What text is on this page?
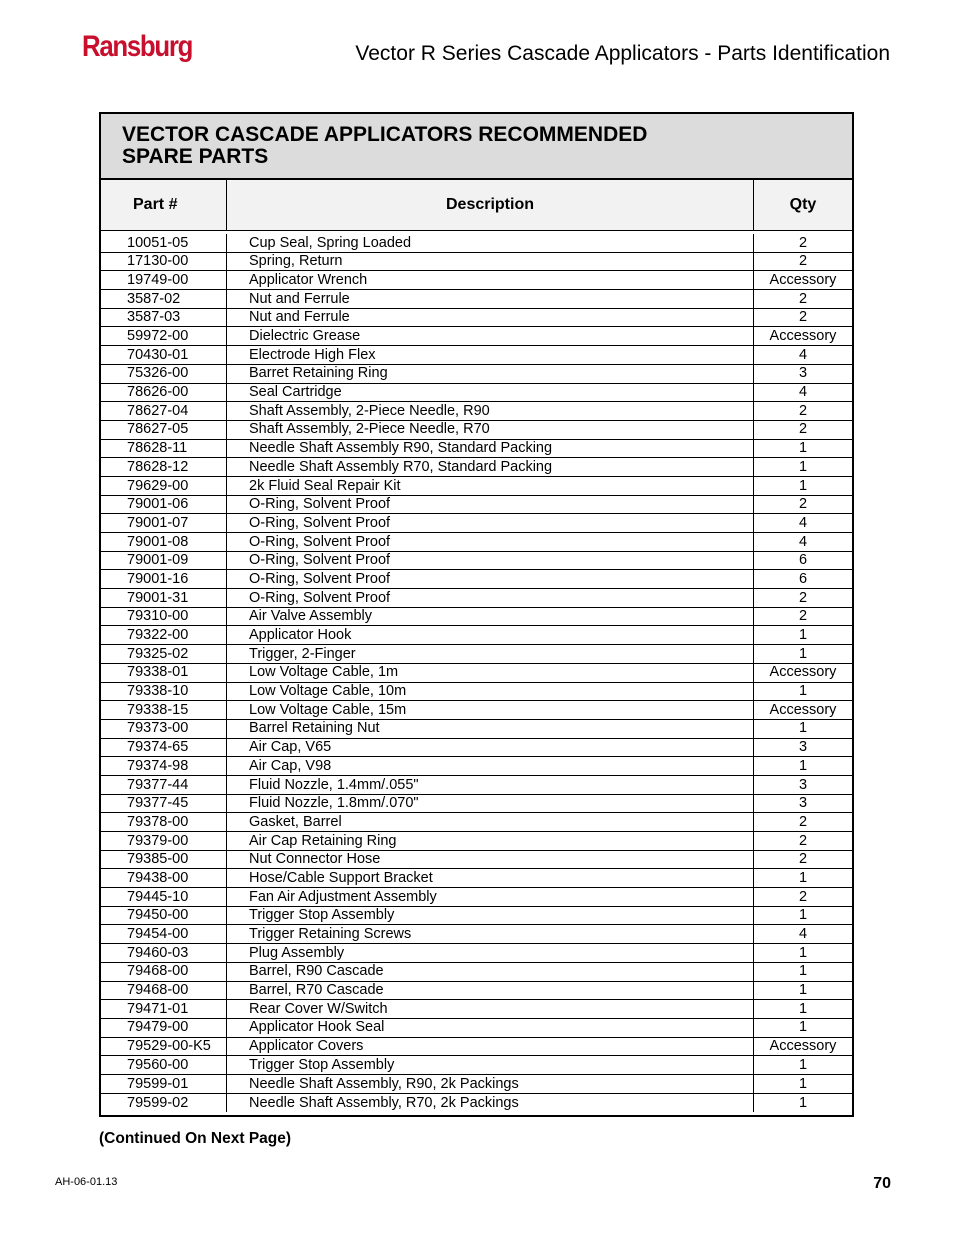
Ransburg	Vector R Series Cascade Applicators - Parts Identification
VECTOR CASCADE APPLICATORS RECOMMENDED
SPARE PARTS
Part #	Description	Qty
10051-05	Cup Seal, Spring Loaded	2
17130-00	Spring, Return	2
19749-00	Applicator Wrench	Accessory
3587-02	Nut and Ferrule	2
3587-03	Nut and Ferrule	2
59972-00	Dielectric Grease	Accessory
70430-01	Electrode High Flex	4
75326-00	Barret Retaining Ring	3
78626-00	Seal Cartridge	4
78627-04	Shaft Assembly, 2-Piece Needle, R90	2
78627-05	Shaft Assembly, 2-Piece Needle, R70	2
78628-11	Needle Shaft Assembly R90, Standard Packing	1
78628-12	Needle Shaft Assembly R70, Standard Packing	1
79629-00	2k Fluid Seal Repair Kit	1
79001-06	O-Ring, Solvent Proof	2
79001-07	O-Ring, Solvent Proof	4
79001-08	O-Ring, Solvent Proof	4
79001-09	O-Ring, Solvent Proof	6
79001-16	O-Ring, Solvent Proof	6
79001-31	O-Ring, Solvent Proof	2
79310-00	Air Valve Assembly	2
79322-00	Applicator Hook	1
79325-02	Trigger, 2-Finger	1
79338-01	Low Voltage Cable, 1m	Accessory
79338-10	Low Voltage Cable, 10m	1
79338-15	Low Voltage Cable, 15m	Accessory
79373-00	Barrel Retaining Nut	1
79374-65	Air Cap, V65	3
79374-98	Air Cap, V98	1
79377-44	Fluid Nozzle, 1.4mm/.055"	3
79377-45	Fluid Nozzle, 1.8mm/.070"	3
79378-00	Gasket, Barrel	2
79379-00	Air Cap Retaining Ring	2
79385-00	Nut Connector Hose	2
79438-00	Hose/Cable Support Bracket	1
79445-10	Fan Air Adjustment Assembly	2
79450-00	Trigger Stop Assembly	1
79454-00	Trigger Retaining Screws	4
79460-03	Plug Assembly	1
79468-00	Barrel, R90 Cascade	1
79468-00	Barrel, R70 Cascade	1
79471-01	Rear Cover W/Switch	1
79479-00	Applicator Hook Seal	1
79529-00-K5	Applicator Covers	Accessory
79560-00	Trigger Stop Assembly	1
79599-01	Needle Shaft Assembly, R90, 2k Packings	1
79599-02	Needle Shaft Assembly, R70, 2k Packings	1
(Continued On Next Page)
AH-06-01.13	70
